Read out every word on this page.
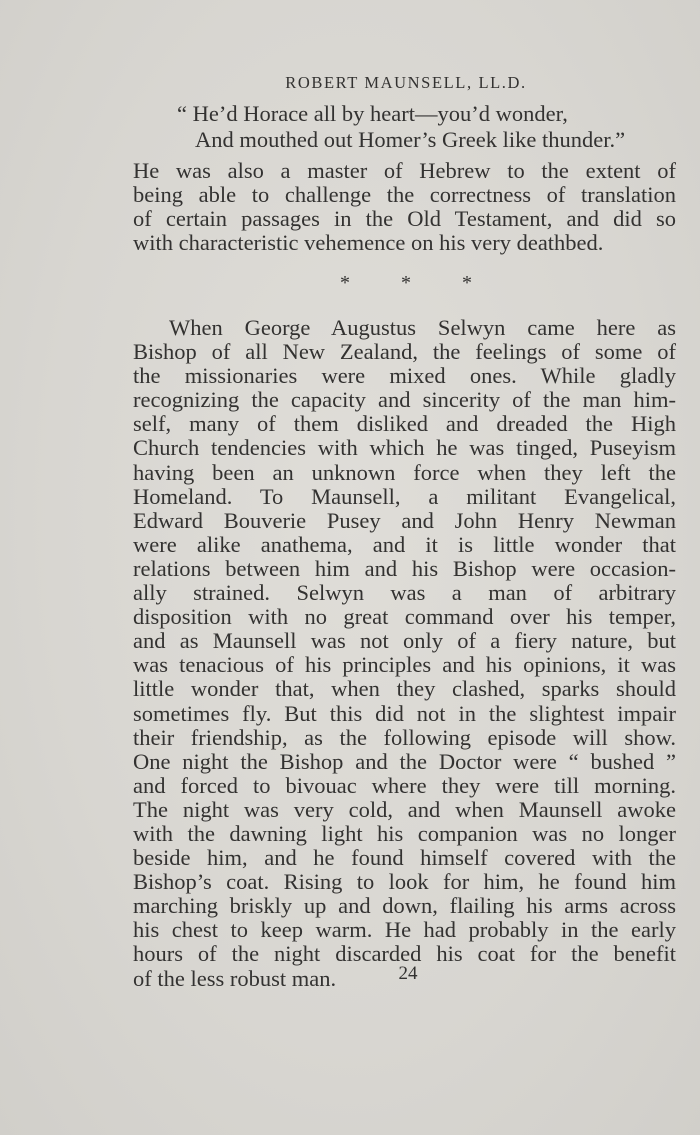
ROBERT MAUNSELL, LL.D.
“ He’d Horace all by heart—you’d wonder,
And mouthed out Homer’s Greek like thunder.”
He was also a master of Hebrew to the extent of
being able to challenge the correctness of translation
of certain passages in the Old Testament, and did so
with characteristic vehemence on his very deathbed.
*	*	*
When George Augustus Selwyn came here as
Bishop of all New Zealand, the feelings of some of
the missionaries were mixed ones. While gladly
recognizing the capacity and sincerity of the man him-
self, many of them disliked and dreaded the High
Church tendencies with which he was tinged, Puseyism
having been an unknown force when they left the
Homeland. To Maunsell, a militant Evangelical,
Edward Bouverie Pusey and John Henry Newman
were alike anathema, and it is little wonder that
relations between him and his Bishop were occasion-
ally strained. Selwyn was a man of arbitrary
disposition with no great command over his temper,
and as Maunsell was not only of a fiery nature, but
was tenacious of his principles and his opinions, it was
little wonder that, when they clashed, sparks should
sometimes fly. But this did not in the slightest impair
their friendship, as the following episode will show.
One night the Bishop and the Doctor were “ bushed ”
and forced to bivouac where they were till morning.
The night was very cold, and when Maunsell awoke
with the dawning light his companion was no longer
beside him, and he found himself covered with the
Bishop’s coat. Rising to look for him, he found him
marching briskly up and down, flailing his arms across
his chest to keep warm. He had probably in the early
hours of the night discarded his coat for the benefit
of the less robust man.	24
